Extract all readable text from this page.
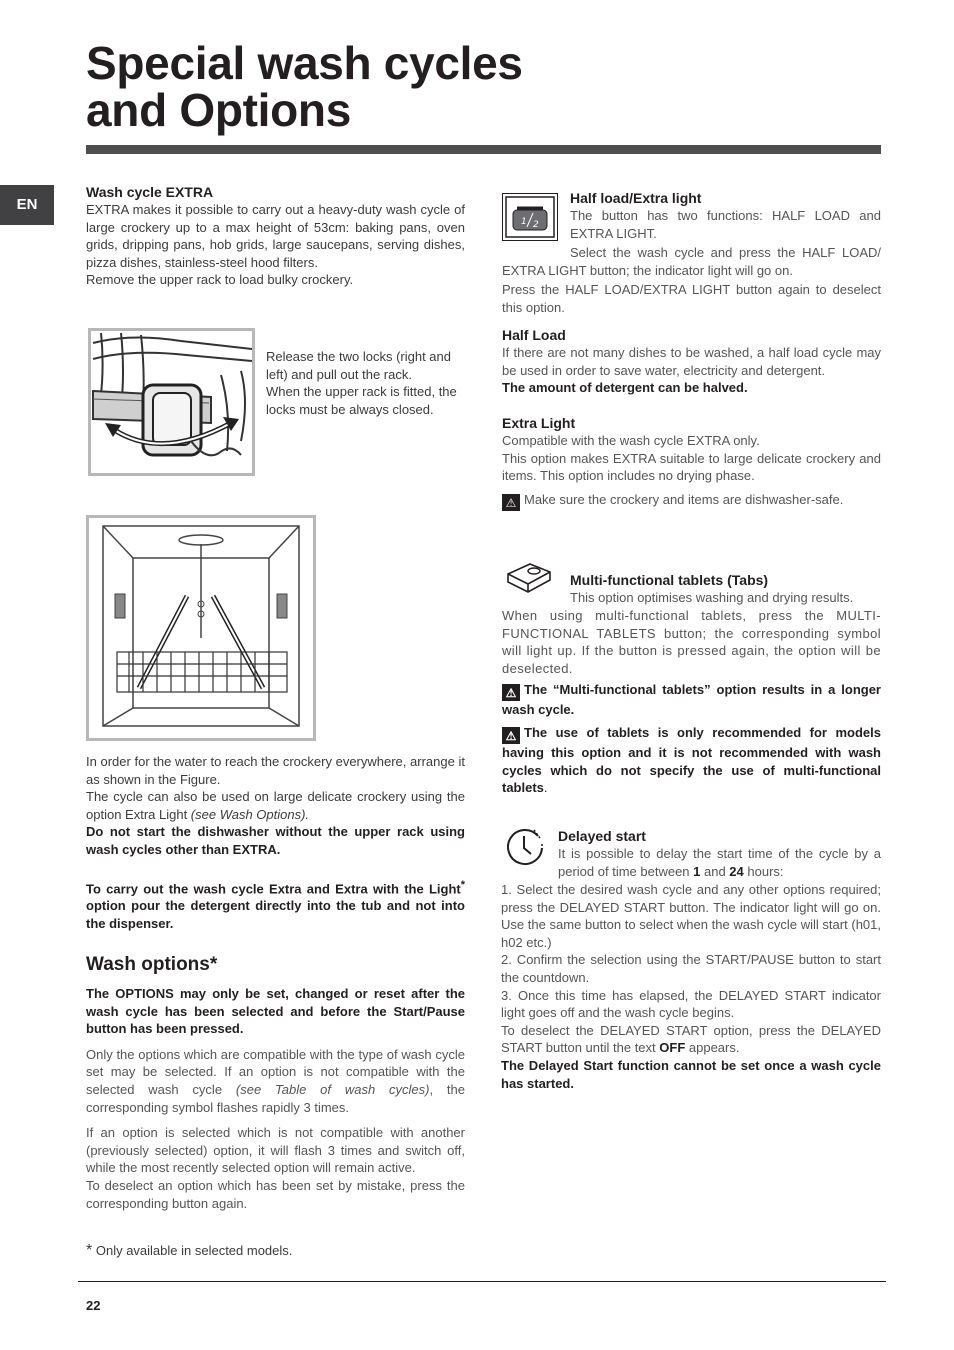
Special wash cycles
and Options
EN
Wash cycle EXTRA
EXTRA makes it possible to carry out a heavy-duty wash cycle of large crockery up to a max height of 53cm: baking pans, oven grids, dripping pans, hob grids, large saucepans, serving dishes, pizza dishes, stainless-steel hood filters.
Remove the upper rack to load bulky crockery.
Release the two locks (right and left) and pull out the rack.
When the upper rack is fitted, the locks must be always closed.
In order for the water to reach the crockery everywhere, arrange it as shown in the Figure.
The cycle can also be used on large delicate crockery using the option Extra Light (see Wash Options).
Do not start the dishwasher without the upper rack using wash cycles other than EXTRA.
To carry out the wash cycle Extra and Extra with the Light* option pour the detergent directly into the tub and not into the dispenser.
Wash options*
The OPTIONS may only be set, changed or reset after the wash cycle has been selected and before the Start/Pause button has been pressed.
Only the options which are compatible with the type of wash cycle set may be selected. If an option is not compatible with the selected wash cycle (see Table of wash cycles), the corresponding symbol flashes rapidly 3 times.
If an option is selected which is not compatible with another (previously selected) option, it will flash 3 times and switch off, while the most recently selected option will remain active.
To deselect an option which has been set by mistake, press the corresponding button again.
* Only available in selected models.
1 2
Half load/Extra light
The button has two functions: HALF LOAD and EXTRA LIGHT.
Select the wash cycle and press the HALF LOAD/ EXTRA LIGHT button; the indicator light will go on.
Press the HALF LOAD/EXTRA LIGHT button again to deselect this option.
Half Load
If there are not many dishes to be washed, a half load cycle may be used in order to save water, electricity and detergent.
The amount of detergent can be halved.
Extra Light
Compatible with the wash cycle EXTRA only.
This option makes EXTRA suitable to large delicate crockery and items. This option includes no drying phase.
⚠ Make sure the crockery and items are dishwasher-safe.
Multi-functional tablets (Tabs)
This option optimises washing and drying results.
When using multi-functional tablets, press the MULTI-FUNCTIONAL TABLETS button; the corresponding symbol will light up. If the button is pressed again, the option will be deselected.
⚠ The “Multi-functional tablets” option results in a longer wash cycle.
⚠ The use of tablets is only recommended for models having this option and it is not recommended with wash cycles which do not specify the use of multi-functional tablets.
Delayed start
It is possible to delay the start time of the cycle by a period of time between 1 and 24 hours:
1. Select the desired wash cycle and any other options required; press the DELAYED START button. The indicator light will go on. Use the same button to select when the wash cycle will start (h01, h02 etc.)
2. Confirm the selection using the START/PAUSE button to start the countdown.
3. Once this time has elapsed, the DELAYED START indicator light goes off and the wash cycle begins.
To deselect the DELAYED START option, press the DELAYED START button until the text OFF appears.
The Delayed Start function cannot be set once a wash cycle has started.
22
